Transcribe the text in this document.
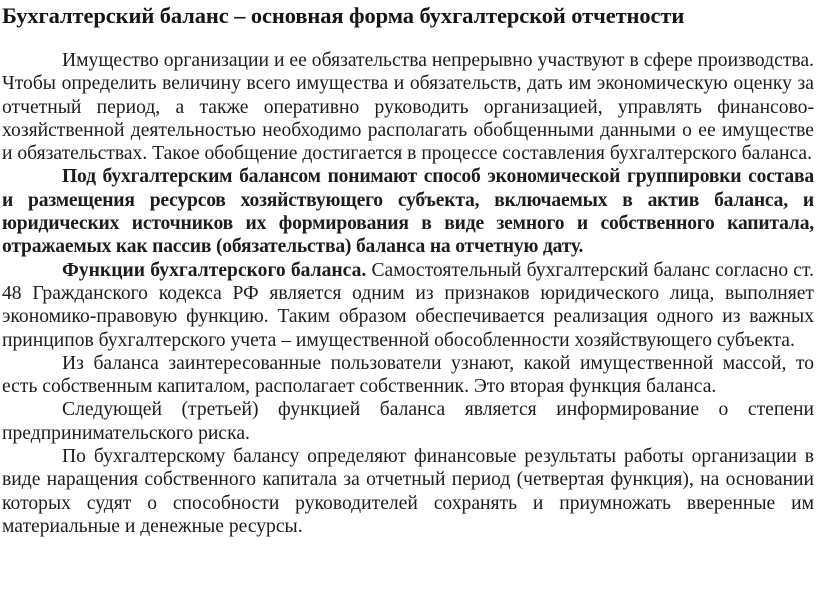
Бухгалтерский баланс – основная форма бухгалтерской отчетности

Имущество организации и ее обязательства непрерывно участвуют в сфере производства. Чтобы определить величину всего имущества и обязательств, дать им экономическую оценку за отчетный период, а также оперативно руководить организацией, управлять финансово-хозяйственной деятельностью необходимо располагать обобщенными данными о ее имуществе и обязательствах. Такое обобщение достигается в процессе составления бухгалтерского баланса.

Под бухгалтерским балансом понимают способ экономической группировки состава и размещения ресурсов хозяйствующего субъекта, включаемых в актив баланса, и юридических источников их формирования в виде земного и собственного капитала, отражаемых как пассив (обязательства) баланса на отчетную дату.

Функции бухгалтерского баланса. Самостоятельный бухгалтерский баланс согласно ст. 48 Гражданского кодекса РФ является одним из признаков юридического лица, выполняет экономико-правовую функцию. Таким образом обеспечивается реализация одного из важных принципов бухгалтерского учета – имущественной обособленности хозяйствующего субъекта.

Из баланса заинтересованные пользователи узнают, какой имущественной массой, то есть собственным капиталом, располагает собственник. Это вторая функция баланса.

Следующей (третьей) функцией баланса является информирование о степени предпринимательского риска.

По бухгалтерскому балансу определяют финансовые результаты работы организации в виде наращения собственного капитала за отчетный период (четвертая функция), на основании которых судят о способности руководителей сохранять и приумножать вверенные им материальные и денежные ресурсы.
